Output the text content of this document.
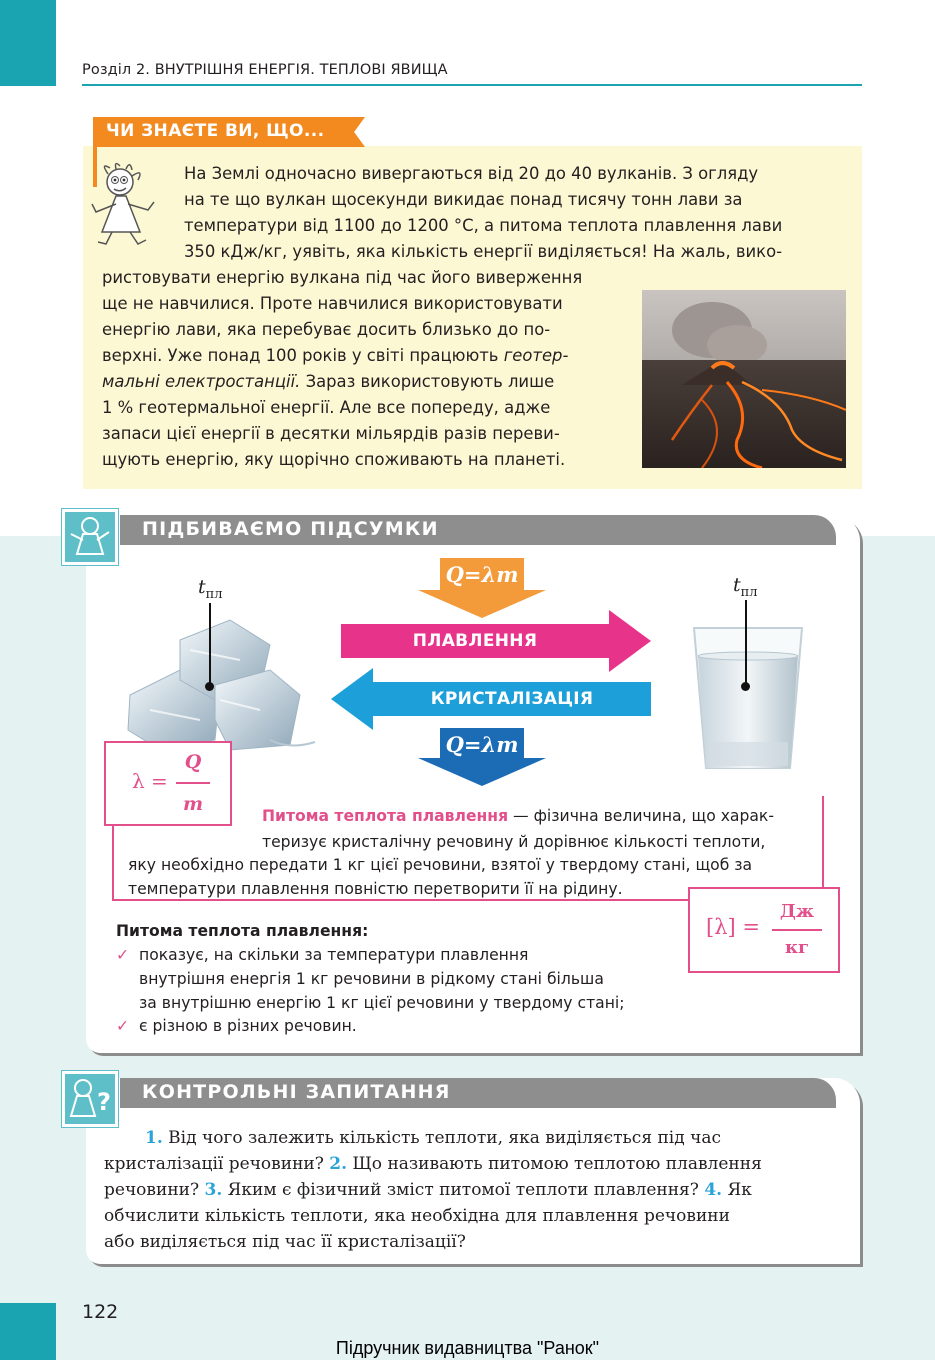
Розділ 2. ВНУТРІШНЯ ЕНЕРГІЯ. ТЕПЛОВІ ЯВИЩА
ЧИ ЗНАЄТЕ ВИ, ЩО...
На Землі одночасно вивергаються від 20 до 40 вулканів. З огляду
на те що вулкан щосекунди викидає понад тисячу тонн лави за
температури від 1100 до 1200 °С, а питома теплота плавлення лави
350 кДж/кг, уявіть, яка кількість енергії виділяється! На жаль, вико-
ристовувати енергію вулкана під час його виверження
ще не навчилися. Проте навчилися використовувати
енергію лави, яка перебуває досить близько до по-
верхні. Уже понад 100 років у світі працюють геотер-
мальні електростанції. Зараз використовують лише
1 % геотермальної енергії. Але все попереду, адже
запаси цієї енергії в десятки мільярдів разів переви-
щують енергію, яку щорічно споживають на планеті.
ПІДБИВАЄМО ПІДСУМКИ
$t_{пл}$	$t_{пл}$
Q=λm
ПЛАВЛЕННЯ
КРИСТАЛІЗАЦІЯ
Q=λm
λ =
Q
m
Питома теплота плавлення — фізична величина, що харак-
теризує кристалічну речовину й дорівнює кількості теплоти,
яку необхідно передати 1 кг цієї речовини, взятої у твердому стані, щоб за
температури плавлення повністю перетворити її на рідину.
[λ] =
Дж
кг
Питома теплота плавлення:
✓ показує, на скільки за температури плавлення
внутрішня енергія 1 кг речовини в рідкому стані більша
за внутрішню енергію 1 кг цієї речовини у твердому стані;
✓ є різною в різних речовин.
КОНТРОЛЬНІ ЗАПИТАННЯ
?
1. Від чого залежить кількість теплоти, яка виділяється під час
кристалізації речовини? 2. Що називають питомою теплотою плавлення
речовини? 3. Яким є фізичний зміст питомої теплоти плавлення? 4. Як
обчислити кількість теплоти, яка необхідна для плавлення речовини
або виділяється під час її кристалізації?
122
Підручник видавництва "Ранок"
